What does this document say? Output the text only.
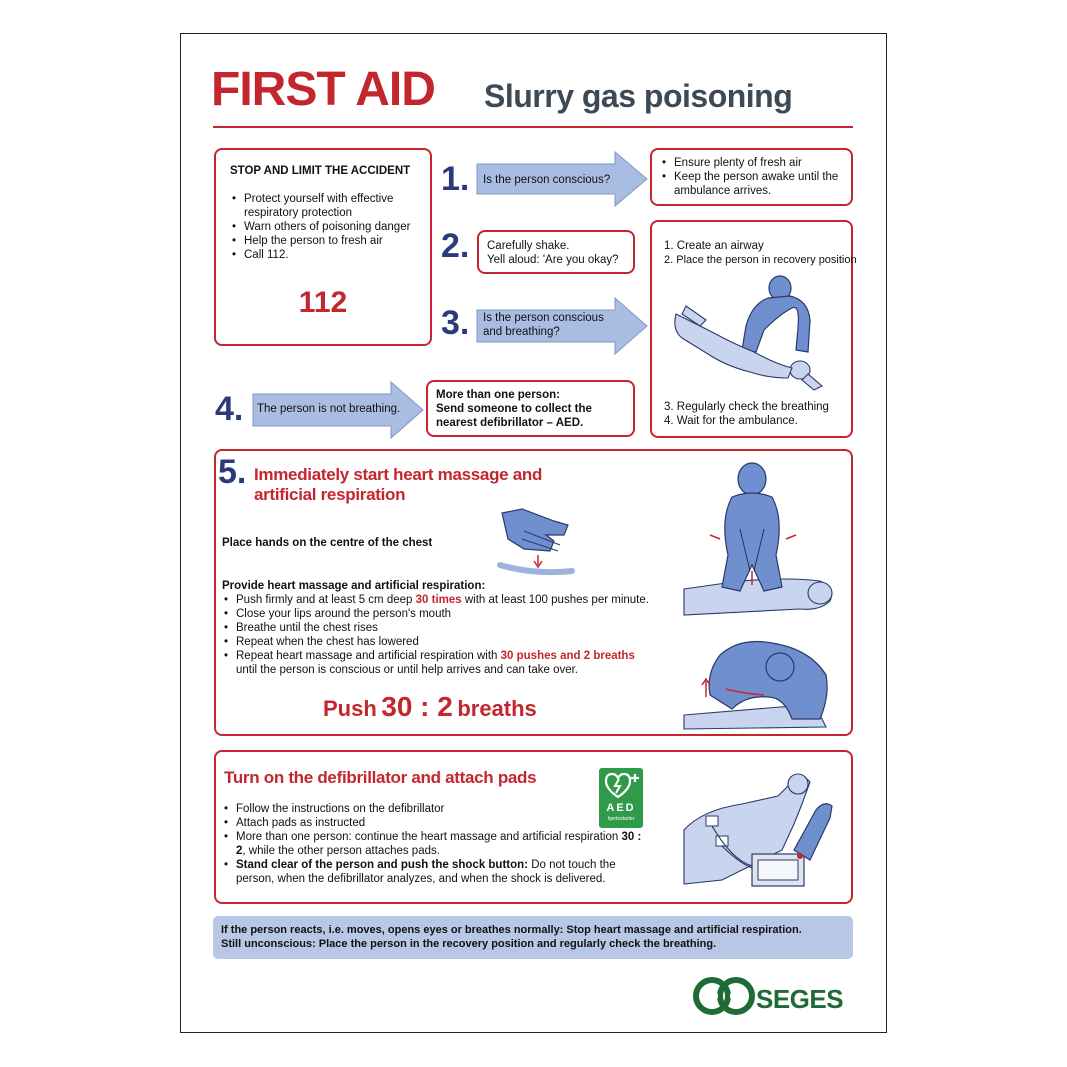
FIRST AID Slurry gas poisoning
STOP AND LIMIT THE ACCIDENT
• Protect yourself with effective respiratory protection
• Warn others of poisoning danger
• Help the person to fresh air
• Call 112.
112
1. Is the person conscious?
• Ensure plenty of fresh air
• Keep the person awake until the ambulance arrives.
2. Carefully shake.
Yell aloud: 'Are you okay?
3. Is the person conscious and breathing?
1. Create an airway
2. Place the person in recovery position
3. Regularly check the breathing
4. Wait for the ambulance.
4. The person is not breathing.
More than one person:
Send someone to collect the nearest defibrillator – AED.
5. Immediately start heart massage and
artificial respiration
Place hands on the centre of the chest
Provide heart massage and artificial respiration:
• Push firmly and at least 5 cm deep 30 times with at least 100 pushes per minute.
• Close your lips around the person's mouth
• Breathe until the chest rises
• Repeat when the chest has lowered
• Repeat heart massage and artificial respiration with 30 pushes and 2 breaths until the person is conscious or until help arrives and can take over.
Push 30 : 2 breaths
Turn on the defibrillator and attach pads
• Follow the instructions on the defibrillator
• Attach pads as instructed
• More than one person: continue the heart massage and artificial respiration 30 : 2, while the other person attaches pads.
• Stand clear of the person and push the shock button: Do not touch the person, when the defibrillator analyzes, and when the shock is delivered.
AED
hjertestarter
If the person reacts, i.e. moves, opens eyes or breathes normally: Stop heart massage and artificial respiration.
Still unconscious: Place the person in the recovery position and regularly check the breathing.
SEGES
